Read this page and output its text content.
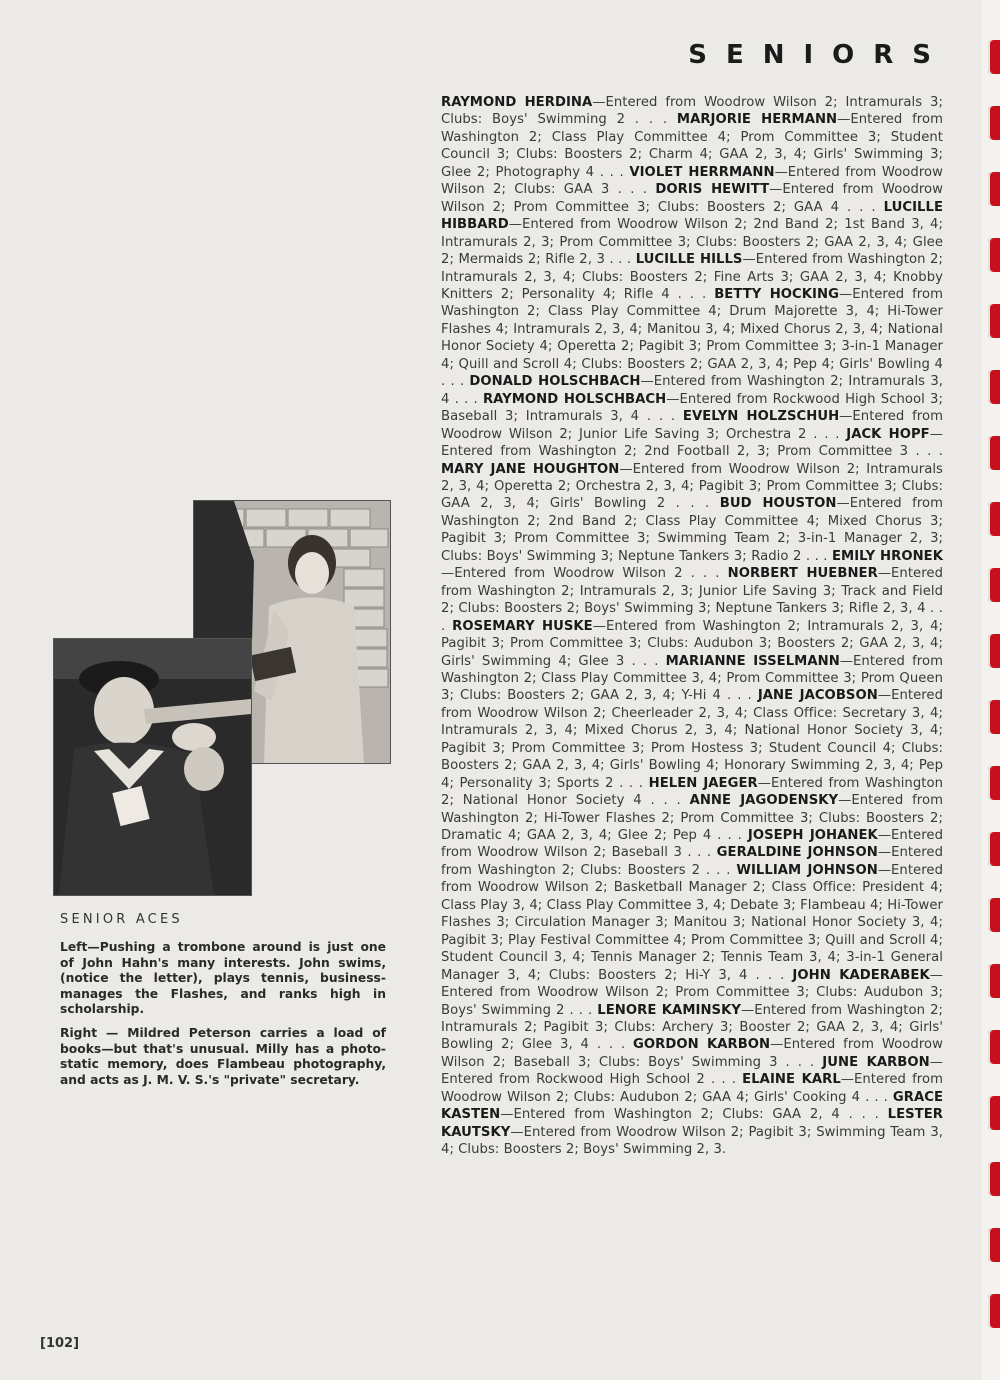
SENIORS
RAYMOND HERDINA—Entered from Woodrow Wilson 2; Intramurals 3; Clubs: Boys' Swimming 2 . . . MARJORIE HERMANN—Entered from Washington 2; Class Play Committee 4; Prom Committee 3; Student Council 3; Clubs: Boosters 2; Charm 4; GAA 2, 3, 4; Girls' Swimming 3; Glee 2; Photography 4 . . . VIOLET HERRMANN—Entered from Woodrow Wilson 2; Clubs: GAA 3 . . . DORIS HEWITT—Entered from Woodrow Wilson 2; Prom Committee 3; Clubs: Boosters 2; GAA 4 . . . LUCILLE HIBBARD—Entered from Woodrow Wilson 2; 2nd Band 2; 1st Band 3, 4; Intramurals 2, 3; Prom Committee 3; Clubs: Boosters 2; GAA 2, 3, 4; Glee 2; Mermaids 2; Rifle 2, 3 . . . LUCILLE HILLS—Entered from Washington 2; Intramurals 2, 3, 4; Clubs: Boosters 2; Fine Arts 3; GAA 2, 3, 4; Knobby Knitters 2; Personality 4; Rifle 4 . . . BETTY HOCKING—Entered from Washington 2; Class Play Committee 4; Drum Majorette 3, 4; Hi-Tower Flashes 4; Intramurals 2, 3, 4; Manitou 3, 4; Mixed Chorus 2, 3, 4; National Honor Society 4; Operetta 2; Pagibit 3; Prom Committee 3; 3-in-1 Manager 4; Quill and Scroll 4; Clubs: Boosters 2; GAA 2, 3, 4; Pep 4; Girls' Bowling 4 . . . DONALD HOLSCHBACH—Entered from Washington 2; Intramurals 3, 4 . . . RAYMOND HOLSCHBACH—Entered from Rockwood High School 3; Baseball 3; Intramurals 3, 4 . . . EVELYN HOLZSCHUH—Entered from Woodrow Wilson 2; Junior Life Saving 3; Orchestra 2 . . . JACK HOPF—Entered from Washington 2; 2nd Football 2, 3; Prom Committee 3 . . . MARY JANE HOUGHTON—Entered from Woodrow Wilson 2; Intramurals 2, 3, 4; Operetta 2; Orchestra 2, 3, 4; Pagibit 3; Prom Committee 3; Clubs: GAA 2, 3, 4; Girls' Bowling 2 . . . BUD HOUSTON—Entered from Washington 2; 2nd Band 2; Class Play Committee 4; Mixed Chorus 3; Pagibit 3; Prom Committee 3; Swimming Team 2; 3-in-1 Manager 2, 3; Clubs: Boys' Swimming 3; Neptune Tankers 3; Radio 2 . . . EMILY HRONEK—Entered from Woodrow Wilson 2 . . . NORBERT HUEBNER—Entered from Washington 2; Intramurals 2, 3; Junior Life Saving 3; Track and Field 2; Clubs: Boosters 2; Boys' Swimming 3; Neptune Tankers 3; Rifle 2, 3, 4 . . . ROSEMARY HUSKE—Entered from Washington 2; Intramurals 2, 3, 4; Pagibit 3; Prom Committee 3; Clubs: Audubon 3; Boosters 2; GAA 2, 3, 4; Girls' Swimming 4; Glee 3 . . . MARIANNE ISSELMANN—Entered from Washington 2; Class Play Committee 3, 4; Prom Committee 3; Prom Queen 3; Clubs: Boosters 2; GAA 2, 3, 4; Y-Hi 4 . . . JANE JACOBSON—Entered from Woodrow Wilson 2; Cheerleader 2, 3, 4; Class Office: Secretary 3, 4; Intramurals 2, 3, 4; Mixed Chorus 2, 3, 4; National Honor Society 3, 4; Pagibit 3; Prom Committee 3; Prom Hostess 3; Student Council 4; Clubs: Boosters 2; GAA 2, 3, 4; Girls' Bowling 4; Honorary Swimming 2, 3, 4; Pep 4; Personality 3; Sports 2 . . . HELEN JAEGER—Entered from Washington 2; National Honor Society 4 . . . ANNE JAGODENSKY—Entered from Washington 2; Hi-Tower Flashes 2; Prom Committee 3; Clubs: Boosters 2; Dramatic 4; GAA 2, 3, 4; Glee 2; Pep 4 . . . JOSEPH JOHANEK—Entered from Woodrow Wilson 2; Baseball 3 . . . GERALDINE JOHNSON—Entered from Washington 2; Clubs: Boosters 2 . . . WILLIAM JOHNSON—Entered from Woodrow Wilson 2; Basketball Manager 2; Class Office: President 4; Class Play 3, 4; Class Play Committee 3, 4; Debate 3; Flambeau 4; Hi-Tower Flashes 3; Circulation Manager 3; Manitou 3; National Honor Society 3, 4; Pagibit 3; Play Festival Committee 4; Prom Committee 3; Quill and Scroll 4; Student Council 3, 4; Tennis Manager 2; Tennis Team 3, 4; 3-in-1 General Manager 3, 4; Clubs: Boosters 2; Hi-Y 3, 4 . . . JOHN KADERABEK—Entered from Woodrow Wilson 2; Prom Committee 3; Clubs: Audubon 3; Boys' Swimming 2 . . . LENORE KAMINSKY—Entered from Washington 2; Intramurals 2; Pagibit 3; Clubs: Archery 3; Booster 2; GAA 2, 3, 4; Girls' Bowling 2; Glee 3, 4 . . . GORDON KARBON—Entered from Woodrow Wilson 2; Baseball 3; Clubs: Boys' Swimming 3 . . . JUNE KARBON—Entered from Rockwood High School 2 . . . ELAINE KARL—Entered from Woodrow Wilson 2; Clubs: Audubon 2; GAA 4; Girls' Cooking 4 . . . GRACE KASTEN—Entered from Washington 2; Clubs: GAA 2, 4 . . . LESTER KAUTSKY—Entered from Woodrow Wilson 2; Pagibit 3; Swimming Team 3, 4; Clubs: Boosters 2; Boys' Swimming 2, 3.
SENIOR ACES
Left—Pushing a trombone around is just one of John Hahn's many interests. John swims, (notice the letter), plays tennis, business-manages the Flashes, and ranks high in scholarship.
Right — Mildred Peterson carries a load of books—but that's unusual. Milly has a photo-static memory, does Flambeau photography, and acts as J. M. V. S.'s "private" secretary.
[102]
